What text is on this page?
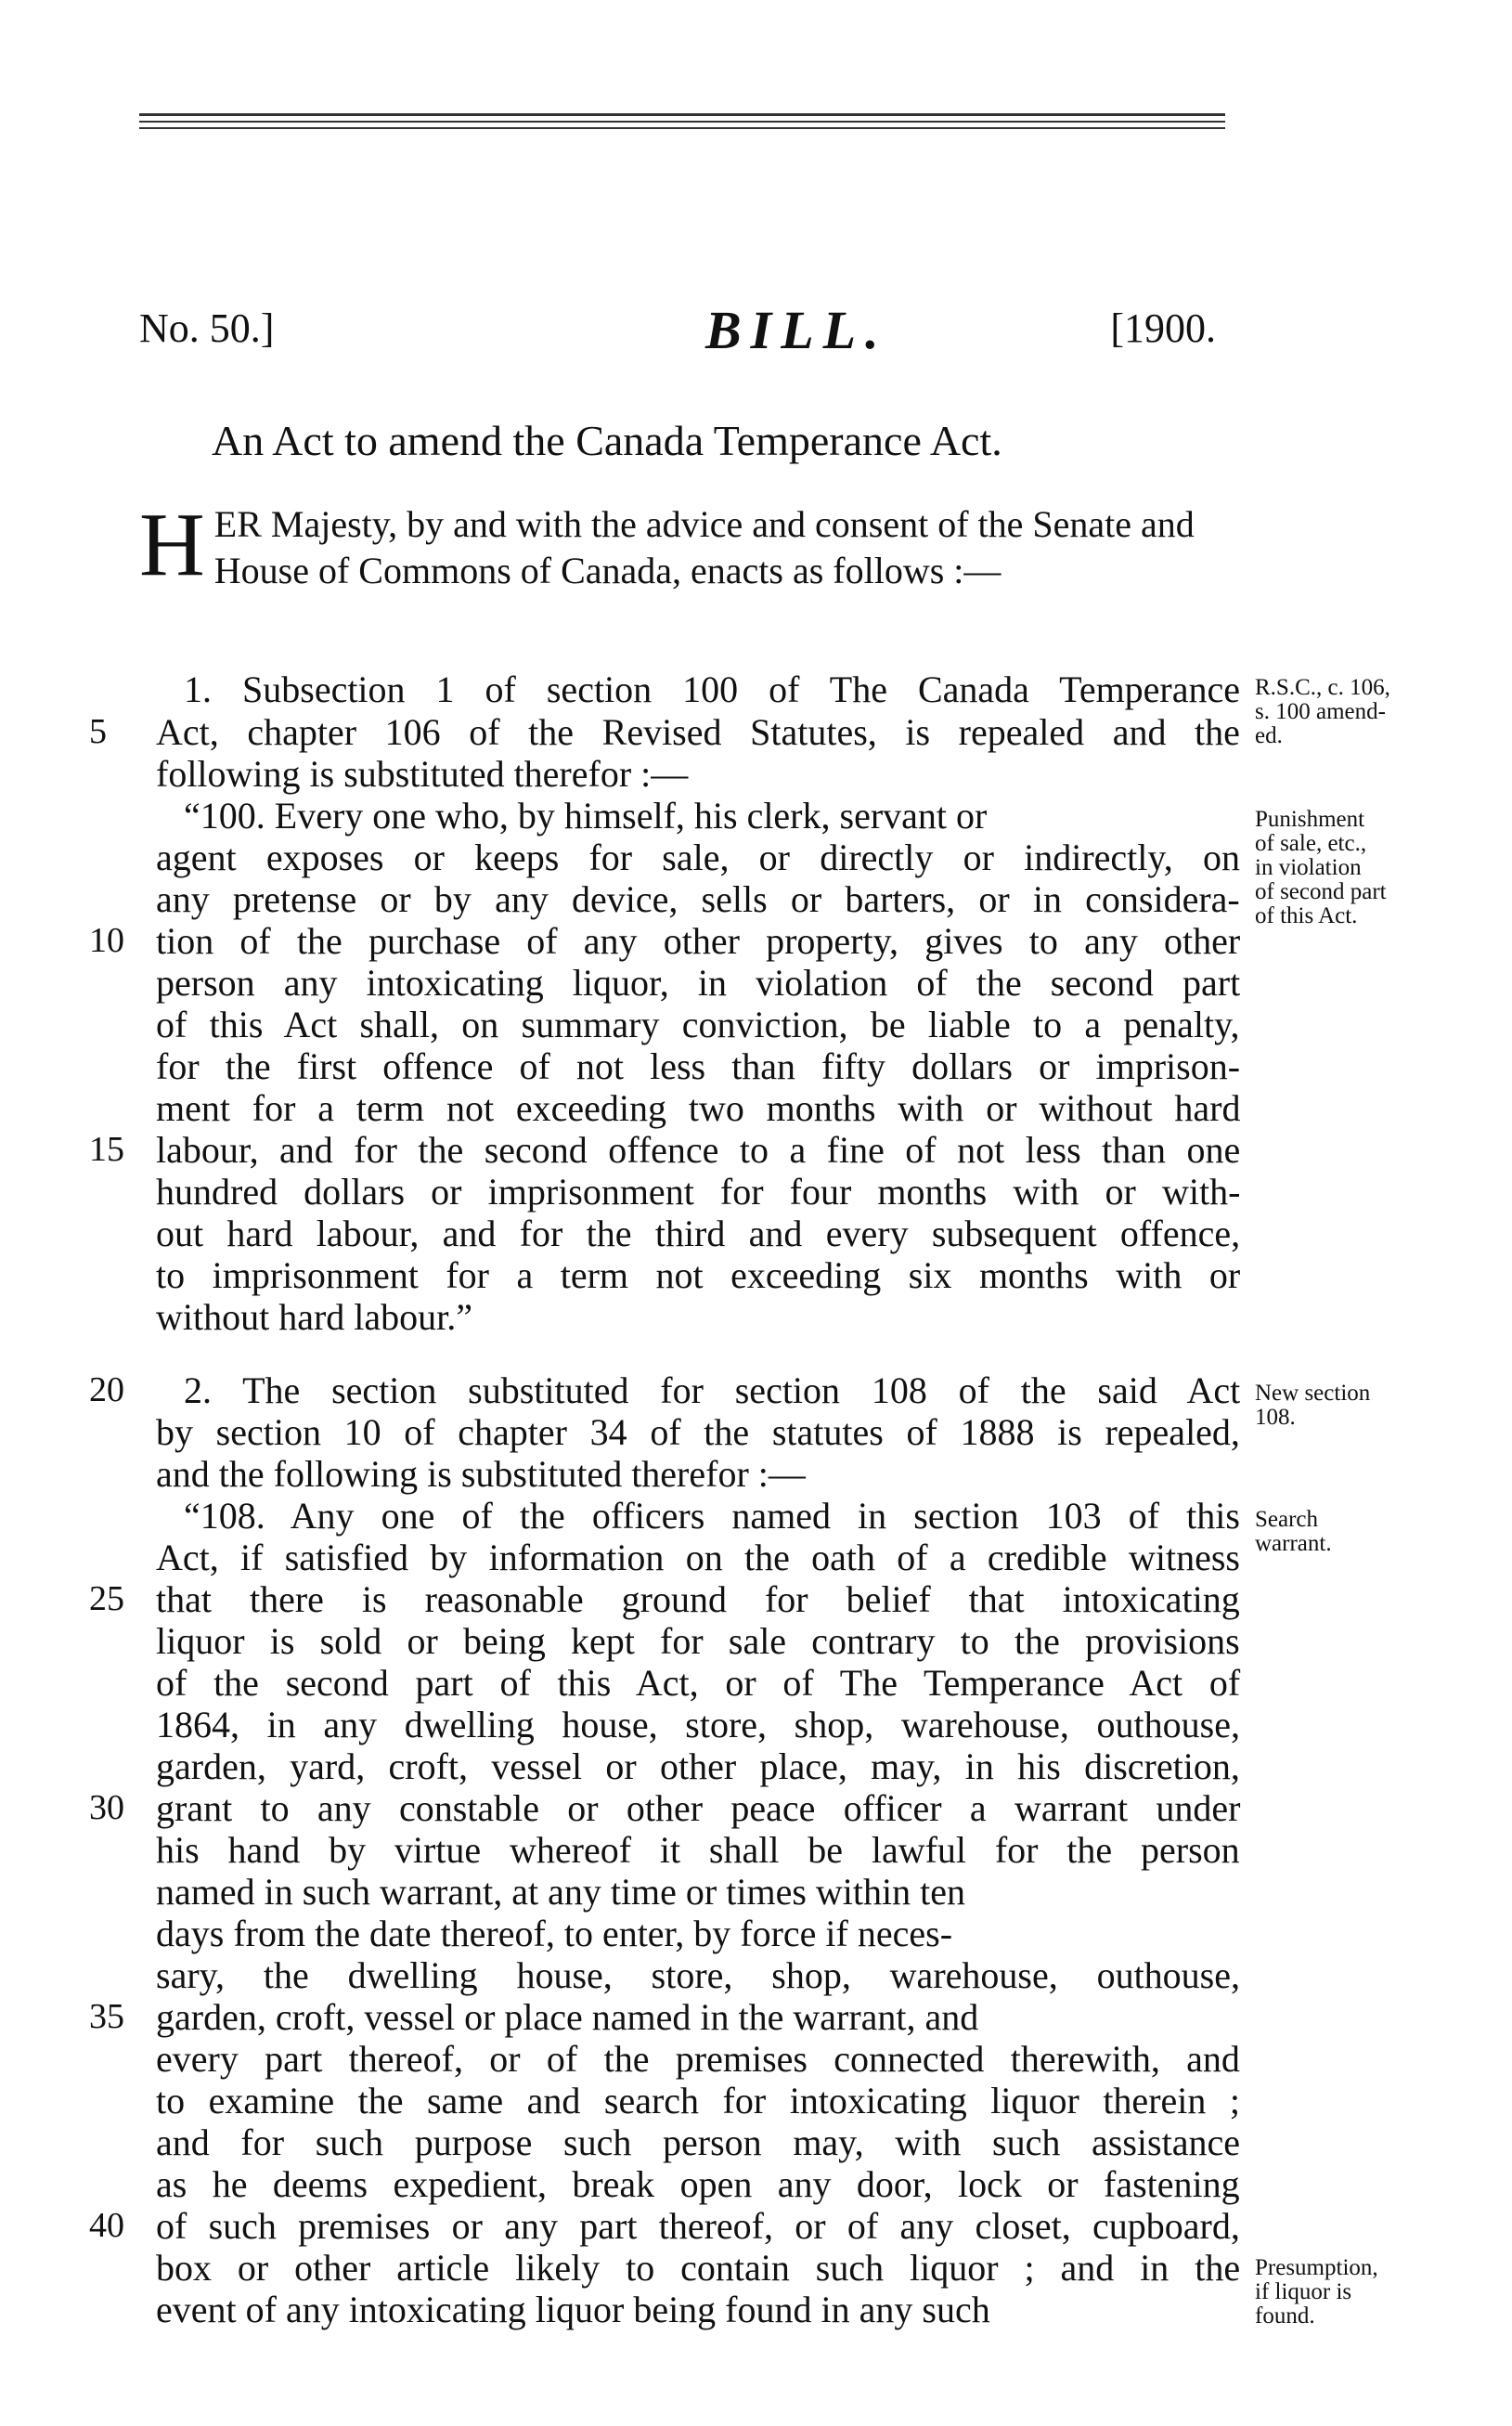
No. 50.]	BILL.	[1900.
An Act to amend the Canada Temperance Act.
H ER Majesty, by and with the advice and consent of the Senate and House of Commons of Canada, enacts as follows :—
1. Subsection 1 of section 100 of The Canada Temperance
Act, chapter 106 of the Revised Statutes, is repealed and the
following is substituted therefor :—
“100. Every one who, by himself, his clerk, servant or
agent exposes or keeps for sale, or directly or indirectly, on
any pretense or by any device, sells or barters, or in considera-
tion of the purchase of any other property, gives to any other
person any intoxicating liquor, in violation of the second part
of this Act shall, on summary conviction, be liable to a penalty,
for the first offence of not less than fifty dollars or imprison-
ment for a term not exceeding two months with or without hard
labour, and for the second offence to a fine of not less than one
hundred dollars or imprisonment for four months with or with-
out hard labour, and for the third and every subsequent offence,
to imprisonment for a term not exceeding six months with or
without hard labour.”
2. The section substituted for section 108 of the said Act
by section 10 of chapter 34 of the statutes of 1888 is repealed,
and the following is substituted therefor :—
“108. Any one of the officers named in section 103 of this
Act, if satisfied by information on the oath of a credible witness
that there is reasonable ground for belief that intoxicating
liquor is sold or being kept for sale contrary to the provisions
of the second part of this Act, or of The Temperance Act of
1864, in any dwelling house, store, shop, warehouse, outhouse,
garden, yard, croft, vessel or other place, may, in his discretion,
grant to any constable or other peace officer a warrant under
his hand by virtue whereof it shall be lawful for the person
named in such warrant, at any time or times within ten
days from the date thereof, to enter, by force if neces-
sary, the dwelling house, store, shop, warehouse, outhouse,
garden, croft, vessel or place named in the warrant, and
every part thereof, or of the premises connected therewith, and
to examine the same and search for intoxicating liquor therein ;
and for such purpose such person may, with such assistance
as he deems expedient, break open any door, lock or fastening
of such premises or any part thereof, or of any closet, cupboard,
box or other article likely to contain such liquor ; and in the
event of any intoxicating liquor being found in any such
5
10
15
20
25
30
35
40
R.S.C., c. 106,
s. 100 amend-
ed.
Punishment
of sale, etc.,
in violation
of second part
of this Act.
New section
108.
Search
warrant.
Presumption,
if liquor is
found.
